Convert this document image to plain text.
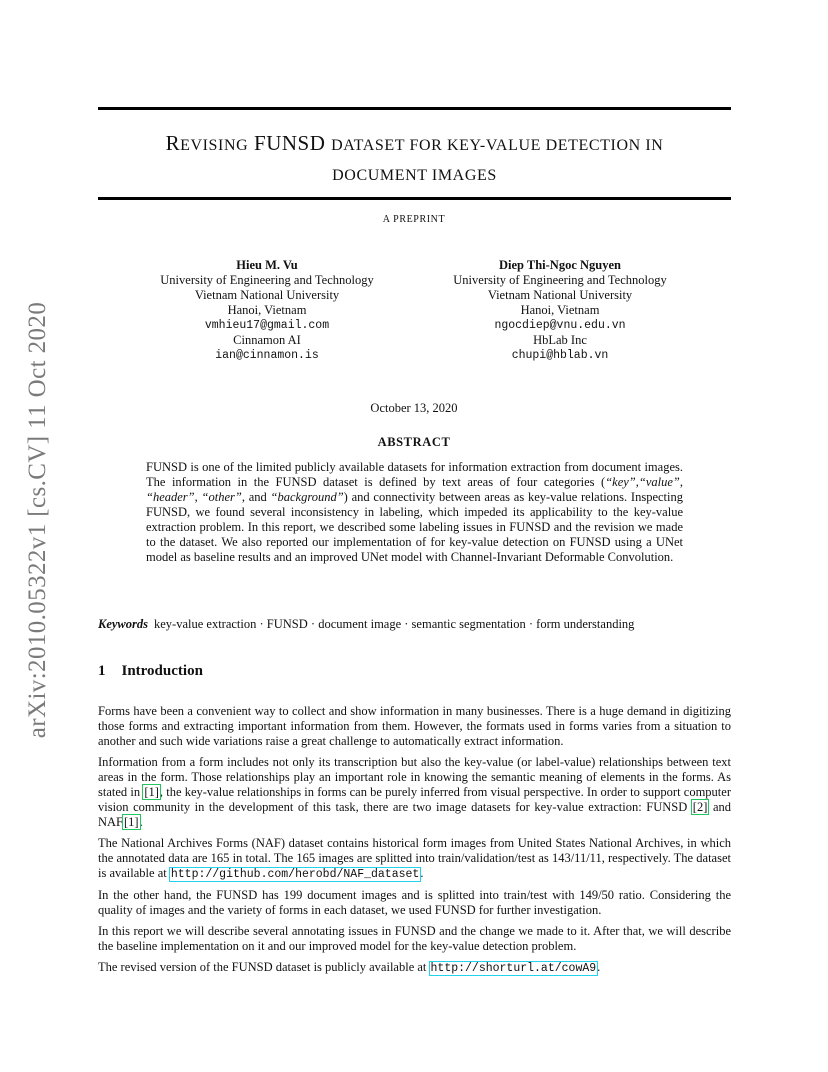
arXiv:2010.05322v1 [cs.CV] 11 Oct 2020
REVISING FUNSD DATASET FOR KEY-VALUE DETECTION IN
DOCUMENT IMAGES
A PREPRINT
Hieu M. Vu
University of Engineering and Technology
Vietnam National University
Hanoi, Vietnam
vmhieu17@gmail.com
Cinnamon AI
ian@cinnamon.is
Diep Thi-Ngoc Nguyen
University of Engineering and Technology
Vietnam National University
Hanoi, Vietnam
ngocdiep@vnu.edu.vn
HbLab Inc
chupi@hblab.vn
October 13, 2020
ABSTRACT
FUNSD is one of the limited publicly available datasets for information extraction from document images. The information in the FUNSD dataset is defined by text areas of four categories (“key”,“value”, “header”, “other”, and “background”) and connectivity between areas as key-value relations. Inspecting FUNSD, we found several inconsistency in labeling, which impeded its applicability to the key-value extraction problem. In this report, we described some labeling issues in FUNSD and the revision we made to the dataset. We also reported our implementation of for key-value detection on FUNSD using a UNet model as baseline results and an improved UNet model with Channel-Invariant Deformable Convolution.
Keywords key-value extraction · FUNSD · document image · semantic segmentation · form understanding
1 Introduction

Forms have been a convenient way to collect and show information in many businesses. There is a huge demand in digitizing those forms and extracting important information from them. However, the formats used in forms varies from a situation to another and such wide variations raise a great challenge to automatically extract information.

Information from a form includes not only its transcription but also the key-value (or label-value) relationships between text areas in the form. Those relationships play an important role in knowing the semantic meaning of elements in the forms. As stated in [1], the key-value relationships in forms can be purely inferred from visual perspective. In order to support computer vision community in the development of this task, there are two image datasets for key-value extraction: FUNSD [2] and NAF[1].

The National Archives Forms (NAF) dataset contains historical form images from United States National Archives, in which the annotated data are 165 in total. The 165 images are splitted into train/validation/test as 143/11/11, respectively. The dataset is available at http://github.com/herobd/NAF_dataset.

In the other hand, the FUNSD has 199 document images and is splitted into train/test with 149/50 ratio. Considering the quality of images and the variety of forms in each dataset, we used FUNSD for further investigation.

In this report we will describe several annotating issues in FUNSD and the change we made to it. After that, we will describe the baseline implementation on it and our improved model for the key-value detection problem.

The revised version of the FUNSD dataset is publicly available at http://shorturl.at/cowA9.
